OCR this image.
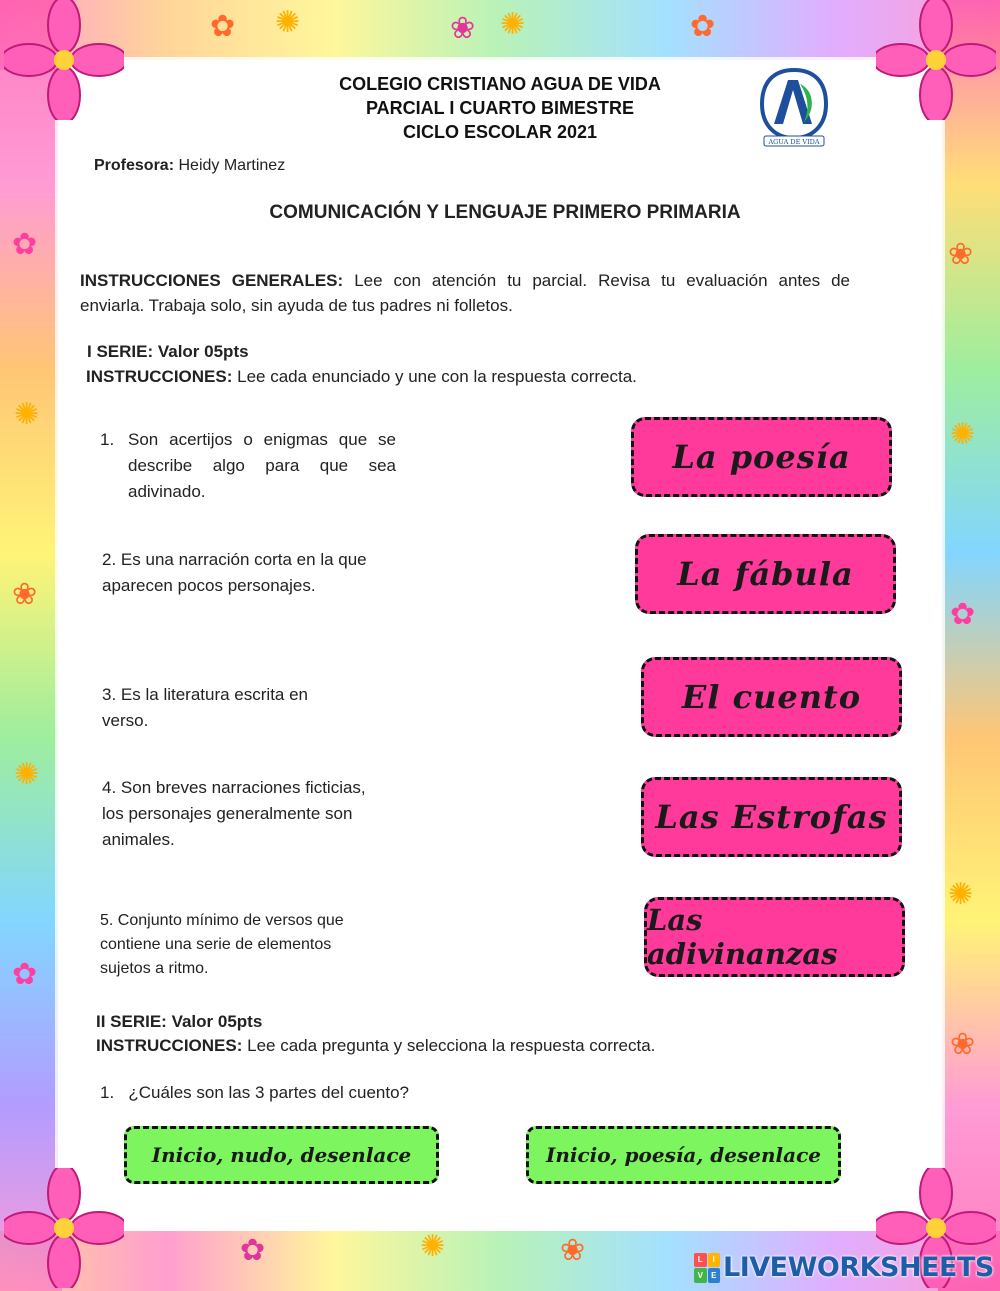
✿ ✺	❀ ✺	✿
✿
✺
❀
✺
✿
❀
✺
✿
✺
❀
✿	✺	❀
COLEGIO CRISTIANO AGUA DE VIDA
PARCIAL I CUARTO BIMESTRE
CICLO ESCOLAR 2021	AGUA DE VIDA
Profesora: Heidy Martinez
COMUNICACIÓN Y LENGUAJE PRIMERO PRIMARIA
INSTRUCCIONES GENERALES: Lee con atención tu parcial. Revisa tu evaluación antes de enviarla. Trabaja solo, sin ayuda de tus padres ni folletos.
I SERIE: Valor 05pts
INSTRUCCIONES: Lee cada enunciado y une con la respuesta correcta.
1. Son acertijos o enigmas que se describe algo para que sea adivinado.
2. Es una narración corta en la que aparecen pocos personajes.
3. Es la literatura escrita en verso.
4. Son breves narraciones ficticias, los personajes generalmente son animales.
5. Conjunto mínimo de versos que contiene una serie de elementos sujetos a ritmo.
La poesía
La fábula
El cuento
Las Estrofas
Las adivinanzas
II SERIE: Valor 05pts
INSTRUCCIONES: Lee cada pregunta y selecciona la respuesta correcta.
1.   ¿Cuáles son las 3 partes del cuento?
Inicio, nudo, desenlace	Inicio, poesía, desenlace
L	I
V	E LIVEWORKSHEETS
